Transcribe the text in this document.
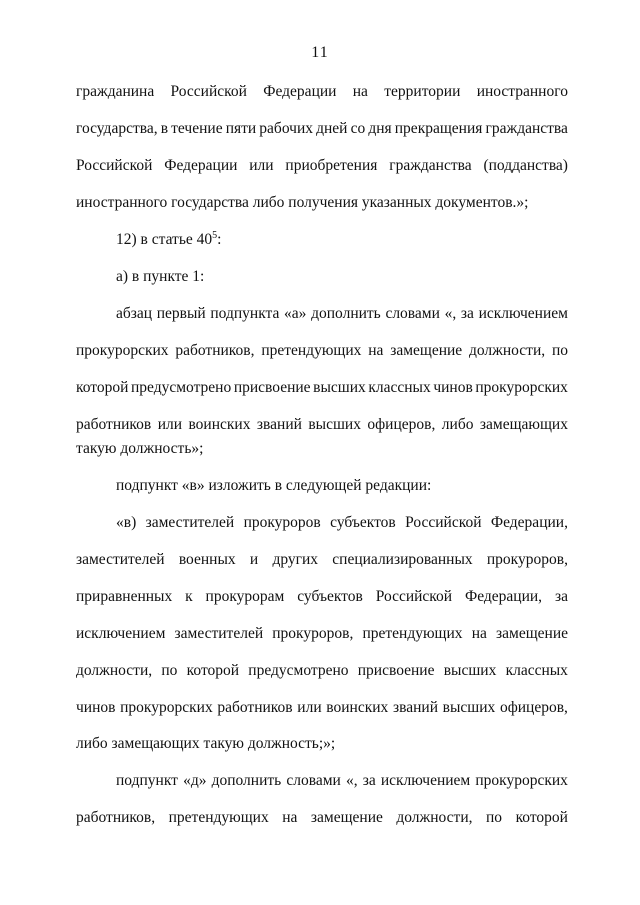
11
гражданина Российской Федерации на территории иностранного
государства, в течение пяти рабочих дней со дня прекращения гражданства
Российской Федерации или приобретения гражданства (подданства)
иностранного государства либо получения указанных документов.»;
12) в статье $40^5$:
а) в пункте 1:
абзац первый подпункта «а» дополнить словами «, за исключением
прокурорских работников, претендующих на замещение должности, по
которой предусмотрено присвоение высших классных чинов прокурорских
работников или воинских званий высших офицеров, либо замещающих
такую должность»;
подпункт «в» изложить в следующей редакции:
«в) заместителей прокуроров субъектов Российской Федерации,
заместителей военных и других специализированных прокуроров,
приравненных к прокурорам субъектов Российской Федерации, за
исключением заместителей прокуроров, претендующих на замещение
должности, по которой предусмотрено присвоение высших классных
чинов прокурорских работников или воинских званий высших офицеров,
либо замещающих такую должность;»;
подпункт «д» дополнить словами «, за исключением прокурорских
работников, претендующих на замещение должности, по которой
